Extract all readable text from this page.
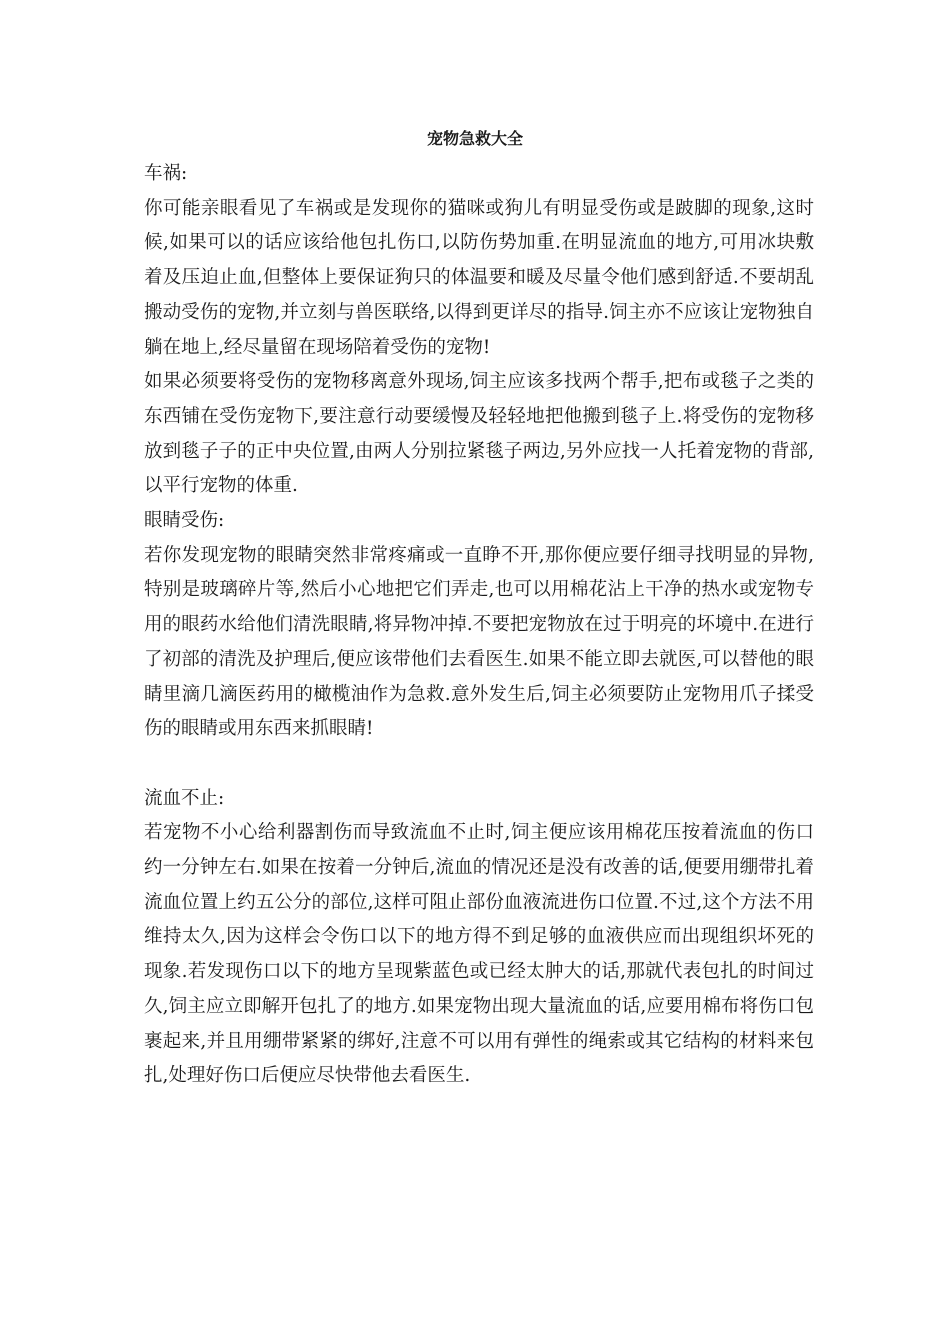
宠物急救大全

车祸:

你可能亲眼看见了车祸或是发现你的猫咪或狗儿有明显受伤或是跛脚的现象,这时候,如果可以的话应该给他包扎伤口,以防伤势加重.在明显流血的地方,可用冰块敷着及压迫止血,但整体上要保证狗只的体温要和暖及尽量令他们感到舒适.不要胡乱搬动受伤的宠物,并立刻与兽医联络,以得到更详尽的指导.饲主亦不应该让宠物独自躺在地上,经尽量留在现场陪着受伤的宠物!

如果必须要将受伤的宠物移离意外现场,饲主应该多找两个帮手,把布或毯子之类的东西铺在受伤宠物下,要注意行动要缓慢及轻轻地把他搬到毯子上.将受伤的宠物移放到毯子子的正中央位置,由两人分别拉紧毯子两边,另外应找一人托着宠物的背部,以平行宠物的体重.

眼睛受伤:

若你发现宠物的眼睛突然非常疼痛或一直睁不开,那你便应要仔细寻找明显的异物,特别是玻璃碎片等,然后小心地把它们弄走,也可以用棉花沾上干净的热水或宠物专用的眼药水给他们清洗眼睛,将异物冲掉.不要把宠物放在过于明亮的坏境中.在进行了初部的清洗及护理后,便应该带他们去看医生.如果不能立即去就医,可以替他的眼睛里滴几滴医药用的橄榄油作为急救.意外发生后,饲主必须要防止宠物用爪子揉受伤的眼睛或用东西来抓眼睛!

流血不止:

若宠物不小心给利器割伤而导致流血不止时,饲主便应该用棉花压按着流血的伤口约一分钟左右.如果在按着一分钟后,流血的情况还是没有改善的话,便要用绷带扎着流血位置上约五公分的部位,这样可阻止部份血液流进伤口位置.不过,这个方法不用维持太久,因为这样会令伤口以下的地方得不到足够的血液供应而出现组织坏死的现象.若发现伤口以下的地方呈现紫蓝色或已经太肿大的话,那就代表包扎的时间过久,饲主应立即解开包扎了的地方.如果宠物出现大量流血的话,应要用棉布将伤口包裹起来,并且用绷带紧紧的绑好,注意不可以用有弹性的绳索或其它结构的材料来包扎,处理好伤口后便应尽快带他去看医生.
